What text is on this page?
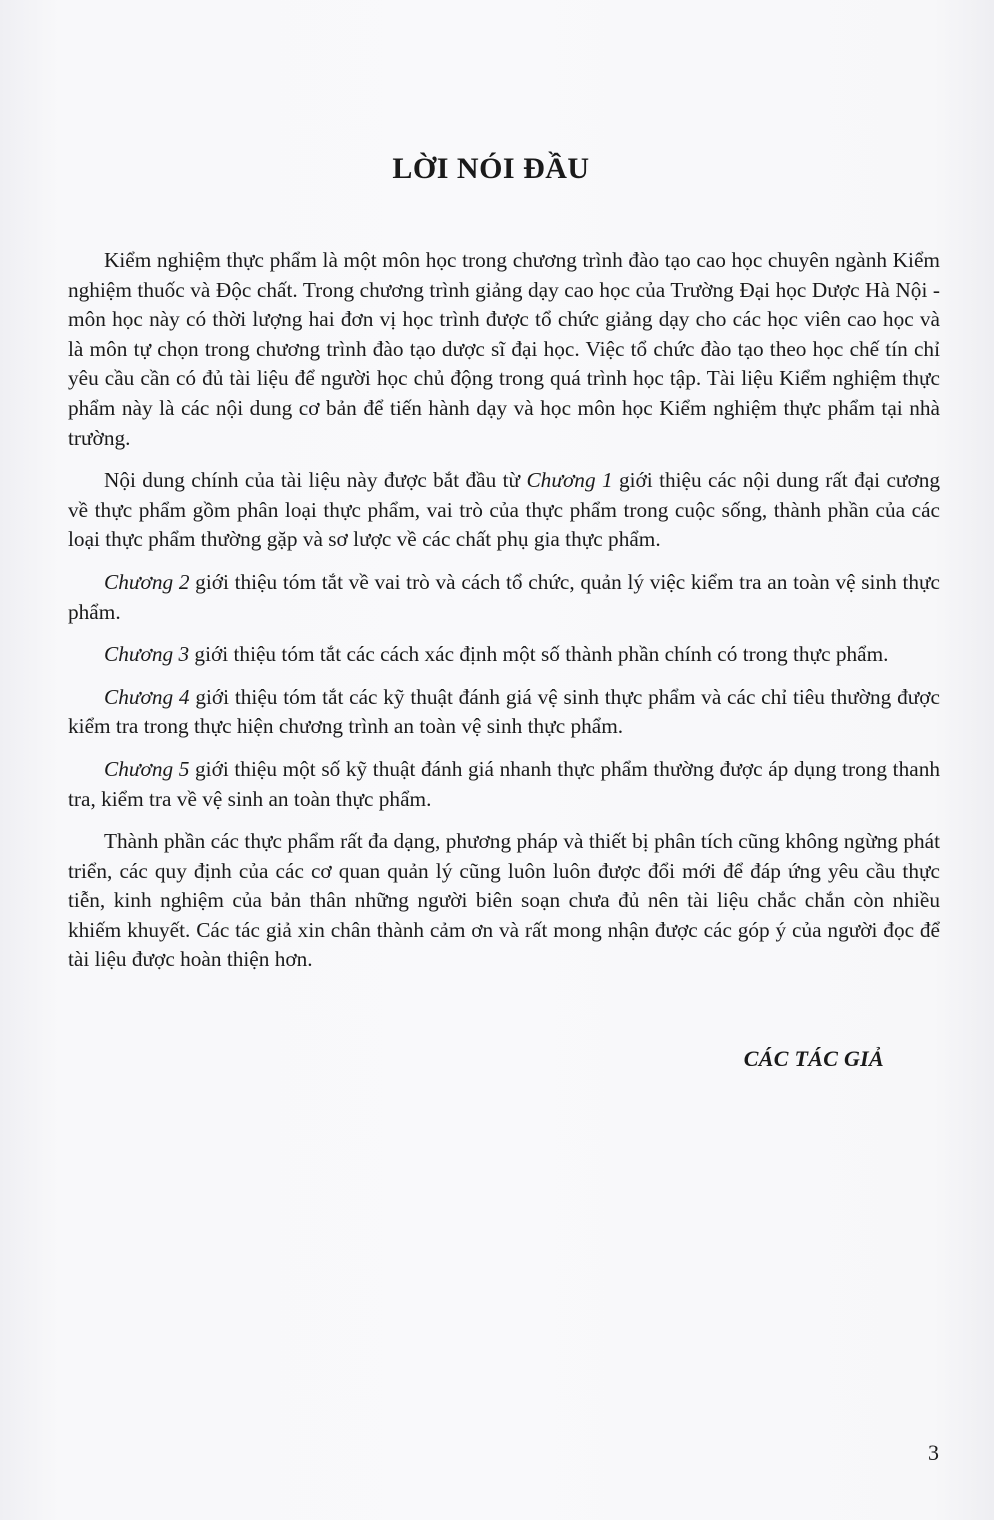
LỜI NÓI ĐẦU

Kiểm nghiệm thực phẩm là một môn học trong chương trình đào tạo cao học chuyên ngành Kiểm nghiệm thuốc và Độc chất. Trong chương trình giảng dạy cao học của Trường Đại học Dược Hà Nội - môn học này có thời lượng hai đơn vị học trình được tổ chức giảng dạy cho các học viên cao học và là môn tự chọn trong chương trình đào tạo dược sĩ đại học. Việc tổ chức đào tạo theo học chế tín chỉ yêu cầu cần có đủ tài liệu để người học chủ động trong quá trình học tập. Tài liệu Kiểm nghiệm thực phẩm này là các nội dung cơ bản để tiến hành dạy và học môn học Kiểm nghiệm thực phẩm tại nhà trường.

Nội dung chính của tài liệu này được bắt đầu từ Chương 1 giới thiệu các nội dung rất đại cương về thực phẩm gồm phân loại thực phẩm, vai trò của thực phẩm trong cuộc sống, thành phần của các loại thực phẩm thường gặp và sơ lược về các chất phụ gia thực phẩm.

Chương 2 giới thiệu tóm tắt về vai trò và cách tổ chức, quản lý việc kiểm tra an toàn vệ sinh thực phẩm.

Chương 3 giới thiệu tóm tắt các cách xác định một số thành phần chính có trong thực phẩm.

Chương 4 giới thiệu tóm tắt các kỹ thuật đánh giá vệ sinh thực phẩm và các chỉ tiêu thường được kiểm tra trong thực hiện chương trình an toàn vệ sinh thực phẩm.

Chương 5 giới thiệu một số kỹ thuật đánh giá nhanh thực phẩm thường được áp dụng trong thanh tra, kiểm tra về vệ sinh an toàn thực phẩm.

Thành phần các thực phẩm rất đa dạng, phương pháp và thiết bị phân tích cũng không ngừng phát triển, các quy định của các cơ quan quản lý cũng luôn luôn được đổi mới để đáp ứng yêu cầu thực tiễn, kinh nghiệm của bản thân những người biên soạn chưa đủ nên tài liệu chắc chắn còn nhiều khiếm khuyết. Các tác giả xin chân thành cảm ơn và rất mong nhận được các góp ý của người đọc để tài liệu được hoàn thiện hơn.

CÁC TÁC GIẢ
3
